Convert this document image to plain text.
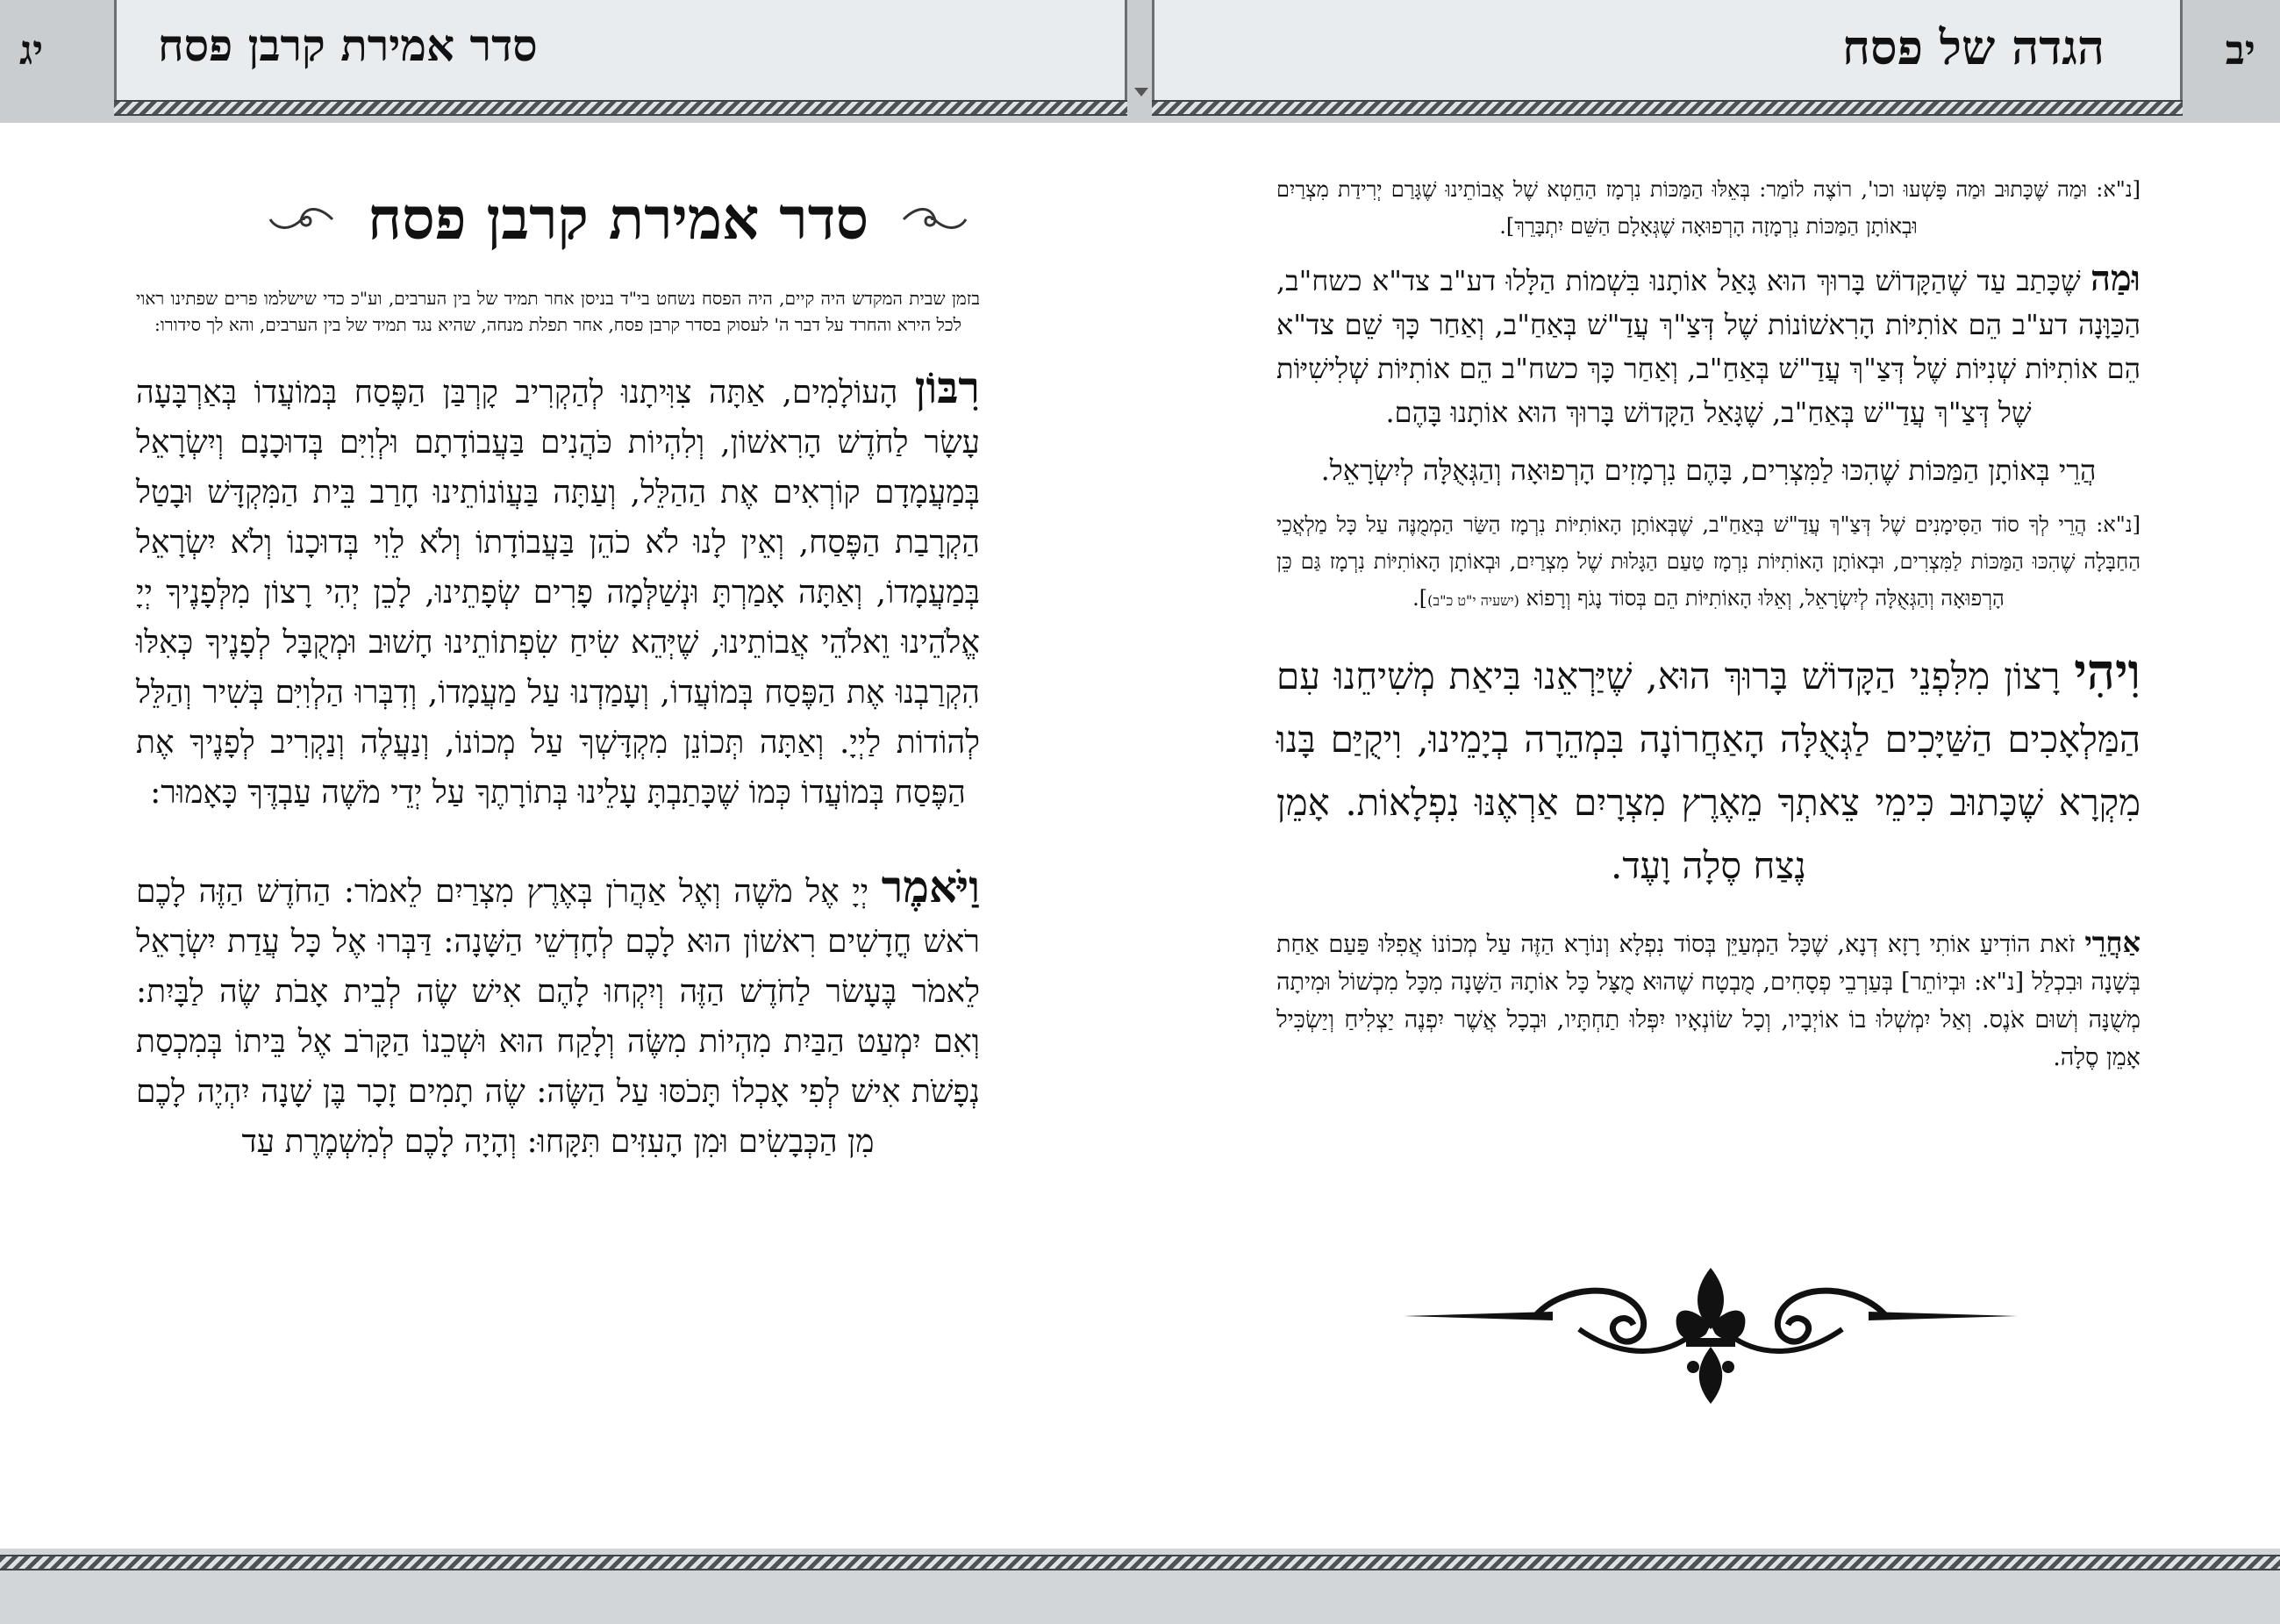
יג	סדר אמירת קרבן פסח	הגדה של פסח	יב
סדר אמירת קרבן פסח

בזמן שבית המקדש היה קיים, היה הפסח נשחט בי"ד בניסן אחר תמיד של בין הערבים, וע"כ כדי שישלמו פרים שפתינו ראוי לכל הירא והחרד על דבר ה' לעסוק בסדר קרבן פסח, אחר תפלת מנחה, שהיא נגד תמיד של בין הערבים, והא לך סידורו:

רִבּוֹן הָעוֹלָמִים, אַתָּה צִוִּיתָנוּ לְהַקְרִיב קָרְבַּן הַפֶּסַח בְּמוֹעֲדוֹ בְּאַרְבָּעָה עָשָׂר לַחֹדֶשׁ הָרִאשׁוֹן, וְלִהְיוֹת כֹּהֲנִים בַּעֲבוֹדָתָם וּלְוִיִּם בְּדוּכָנָם וְיִשְׂרָאֵל בְּמַעֲמָדָם קוֹרְאִים אֶת הַהַלֵּל, וְעַתָּה בַּעֲוֹנוֹתֵינוּ חָרַב בֵּית הַמִּקְדָּשׁ וּבָטַל הַקְרָבַת הַפֶּסַח, וְאֵין לָנוּ לֹא כֹהֵן בַּעֲבוֹדָתוֹ וְלֹא לֵוִי בְּדוּכָנוֹ וְלֹא יִשְׂרָאֵל בְּמַעֲמָדוֹ, וְאַתָּה אָמַרְתָּ וּנְשַׁלְּמָה פָרִים שְׂפָתֵינוּ, לָכֵן יְהִי רָצוֹן מִלְּפָנֶיךָ יְיָ אֱלֹהֵינוּ וֵאלֹהֵי אֲבוֹתֵינוּ, שֶׁיְּהֵא שִׂיחַ שִׂפְתוֹתֵינוּ חָשׁוּב וּמְקֻבָּל לְפָנֶיךָ כְּאִלּוּ הִקְרַבְנוּ אֶת הַפֶּסַח בְּמוֹעֲדוֹ, וְעָמַדְנוּ עַל מַעֲמָדוֹ, וְדִבְּרוּ הַלְוִיִּם בְּשִׁיר וְהַלֵּל לְהוֹדוֹת לַיְיָ. וְאַתָּה תְּכוֹנֵן מִקְדָּשְׁךָ עַל מְכוֹנוֹ, וְנַעֲלֶה וְנַקְרִיב לְפָנֶיךָ אֶת הַפֶּסַח בְּמוֹעֲדוֹ כְּמוֹ שֶׁכָּתַבְתָּ עָלֵינוּ בְּתוֹרָתֶךָ עַל יְדֵי מֹשֶׁה עַבְדֶּךָ כָּאָמוּר:

וַיֹּאמֶר יְיָ אֶל מֹשֶׁה וְאֶל אַהֲרֹן בְּאֶרֶץ מִצְרַיִם לֵאמֹר: הַחֹדֶשׁ הַזֶּה לָכֶם רֹאשׁ חֳדָשִׁים רִאשׁוֹן הוּא לָכֶם לְחָדְשֵׁי הַשָּׁנָה: דַּבְּרוּ אֶל כָּל עֲדַת יִשְׂרָאֵל לֵאמֹר בֶּעָשׂר לַחֹדֶשׁ הַזֶּה וְיִקְחוּ לָהֶם אִישׁ שֶׂה לְבֵית אָבֹת שֶׂה לַבָּיִת: וְאִם יִמְעַט הַבַּיִת מִהְיוֹת מִשֶּׂה וְלָקַח הוּא וּשְׁכֵנוֹ הַקָּרֹב אֶל בֵּיתוֹ בְּמִכְסַת נְפָשֹׁת אִישׁ לְפִי אָכְלוֹ תָּכֹסּוּ עַל הַשֶּׂה: שֶׂה תָמִים זָכָר בֶּן שָׁנָה יִהְיֶה לָכֶם מִן הַכְּבָשִׂים וּמִן הָעִזִּים תִּקָּחוּ: וְהָיָה לָכֶם לְמִשְׁמֶרֶת עַד

[נ"א: וּמַה שֶּׁכָּתוּב וּמַה פָּשְׁעוּ וכו', רוֹצֶה לוֹמַר: בְּאֵלּוּ הַמַּכּוֹת נִרְמָז הַחֵטְא שֶׁל אֲבוֹתֵינוּ שֶׁגָּרַם יְרִידַת מִצְרַיִם וּבְאוֹתָן הַמַּכּוֹת נִרְמָזָה הָרְפוּאָה שֶׁגְּאָלָם הַשֵּׁם יִתְבָּרֵךְ].

וּמַה שֶׁכָּתַב עַד שֶׁהַקָּדוֹשׁ בָּרוּךְ הוּא גָּאַל אוֹתָנוּ בִּשְׁמוֹת הַלָּלוּ דע"ב צד"א כשח"ב, הַכַּוָּנָה דע"ב הֵם אוֹתִיּוֹת הָרִאשׁוֹנוֹת שֶׁל דְּצַ"ךְ עֲדַ"שׁ בְּאַחַ"ב, וְאַחַר כָּךְ שֵׁם צד"א הֵם אוֹתִיּוֹת שְׁנִיּוֹת שֶׁל דְּצַ"ךְ עֲדַ"שׁ בְּאַחַ"ב, וְאַחַר כָּךְ כשח"ב הֵם אוֹתִיּוֹת שְׁלִישִׁיּוֹת שֶׁל דְּצַ"ךְ עֲדַ"שׁ בְּאַחַ"ב, שֶׁגָּאַל הַקָּדוֹשׁ בָּרוּךְ הוּא אוֹתָנוּ בָּהֶם.

הֲרֵי בְּאוֹתָן הַמַּכּוֹת שֶׁהִכּוּ לַמִּצְרִים, בָּהֶם נִרְמָזִים הָרְפוּאָה וְהַגְּאֻלָּה לְיִשְׂרָאֵל.

[נ"א: הֲרֵי לְךָ סוֹד הַסִּימָנִים שֶׁל דְּצַ"ךְ עֲדַ"שׁ בְּאַחַ"ב, שֶׁבְּאוֹתָן הָאוֹתִיּוֹת נִרְמָז הַשַּׂר הַמְמֻנֶּה עַל כָּל מַלְאֲכֵי הַחַבָּלָה שֶׁהִכּוּ הַמַּכּוֹת לַמִּצְרִים, וּבְאוֹתָן הָאוֹתִיּוֹת נִרְמָז טַעַם הַגָּלוּת שֶׁל מִצְרַיִם, וּבְאוֹתָן הָאוֹתִיּוֹת נִרְמָז גַּם כֵּן הָרְפוּאָה וְהַגְּאֻלָּה לְיִשְׂרָאֵל, וְאֵלּוּ הָאוֹתִיּוֹת הֵם בְּסוֹד נָגֹף וְרָפוֹא (ישעיה י"ט כ"ב)].

וִיהִי רָצוֹן מִלִּפְנֵי הַקָּדוֹשׁ בָּרוּךְ הוּא, שֶׁיַּרְאֵנוּ בִּיאַת מְשִׁיחֵנוּ עִם הַמַּלְאָכִים הַשַּׁיָּכִים לַגְּאֻלָּה הָאַחֲרוֹנָה בִּמְהֵרָה בְיָמֵינוּ, וִיקֻיַּם בָּנוּ מִקְרָא שֶׁכָּתוּב כִּימֵי צֵאתְךָ מֵאֶרֶץ מִצְרָיִם אַרְאֶנּוּ נִפְלָאוֹת. אָמֵן נֶצַח סֶלָה וָעֶד.

אַחֲרֵי זֹאת הוֹדִיעַ אוֹתִי רָזָא דְנָא, שֶׁכָּל הַמְעַיֵּן בְּסוֹד נִפְלָא וְנוֹרָא הַזֶּה עַל מְכוֹנוֹ אֲפִלּוּ פַּעַם אַחַת בְּשָׁנָה וּבִכְלַל [נ"א: וּבְיוֹתֵר] בְּעַרְבֵי פְסָחִים, מֻבְטָח שֶׁהוּא מֻצָּל כָּל אוֹתָהּ הַשָּׁנָה מִכָּל מִכְשׁוֹל וּמִיתָה מְשֻׁנָּה וְשׁוּם אֹנֶס. וְאַל יִמְשְׁלוּ בוֹ אוֹיְבָיו, וְכָל שׂוֹנְאָיו יִפְּלוּ תַחְתָּיו, וּבְכָל אֲשֶׁר יִפְנֶה יַצְלִיחַ וְיַשְׂכִּיל אָמֵן סֶלָה.
